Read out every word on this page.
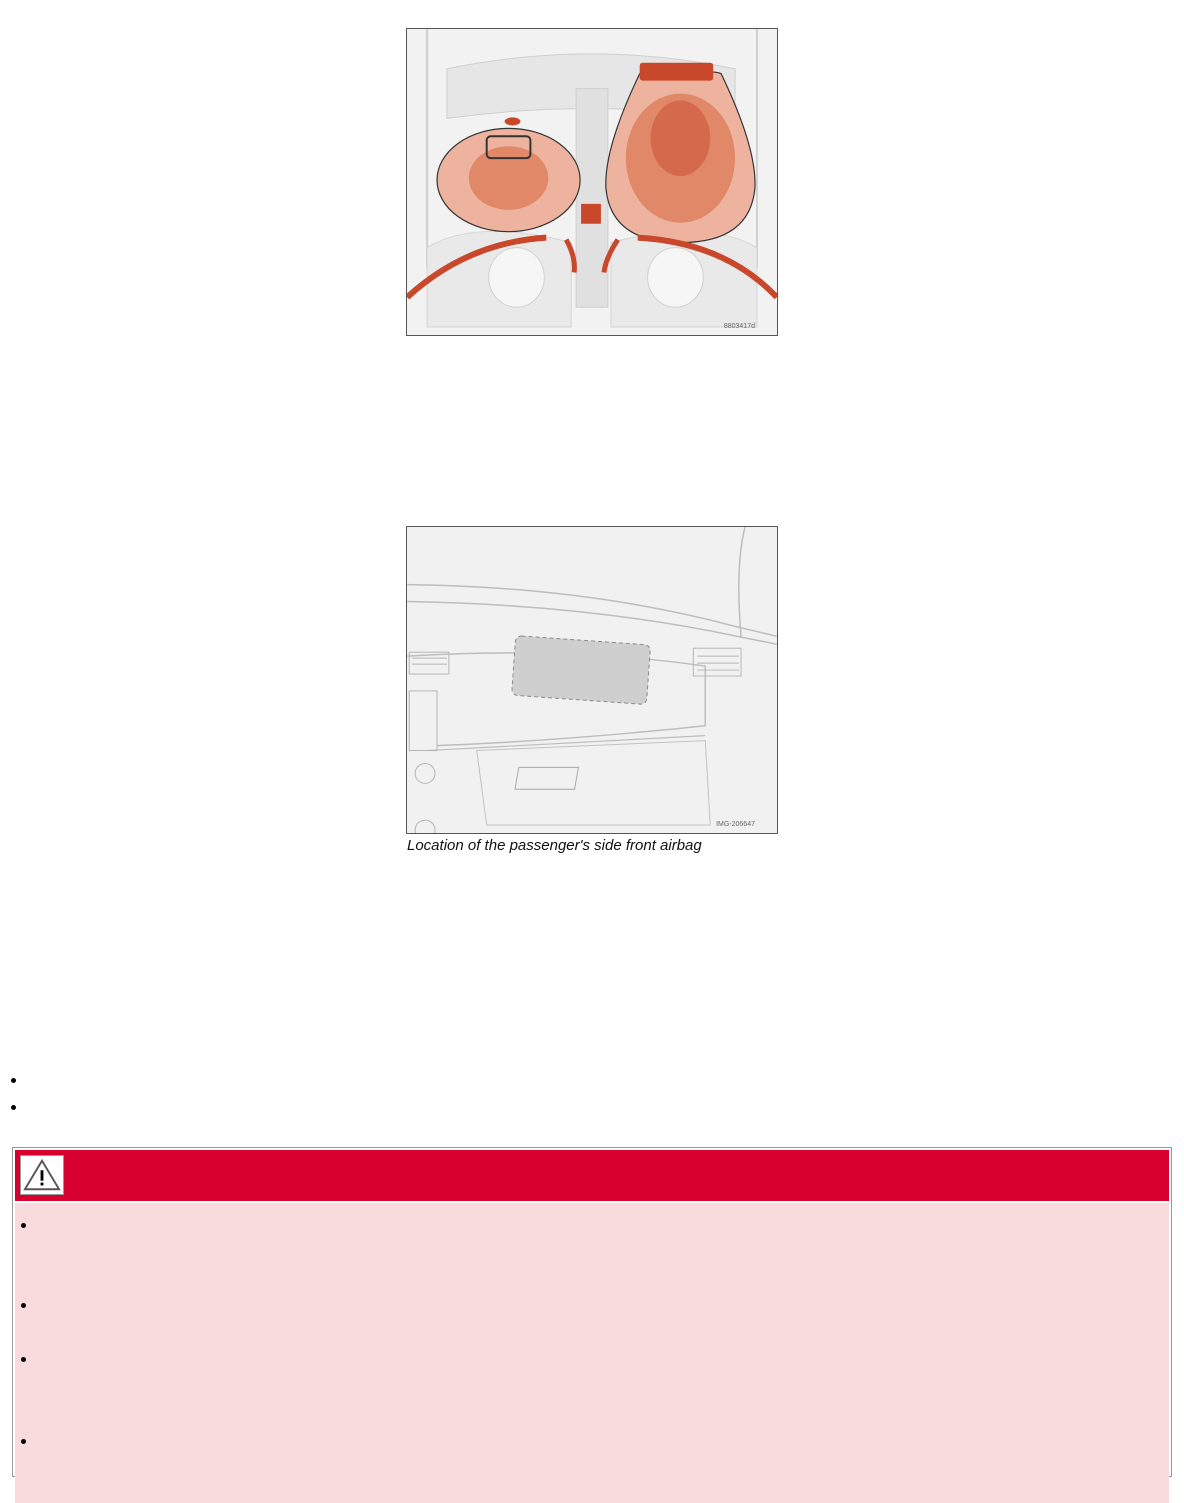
8803417d
IMG-206647
Location of the passenger's side front airbag
